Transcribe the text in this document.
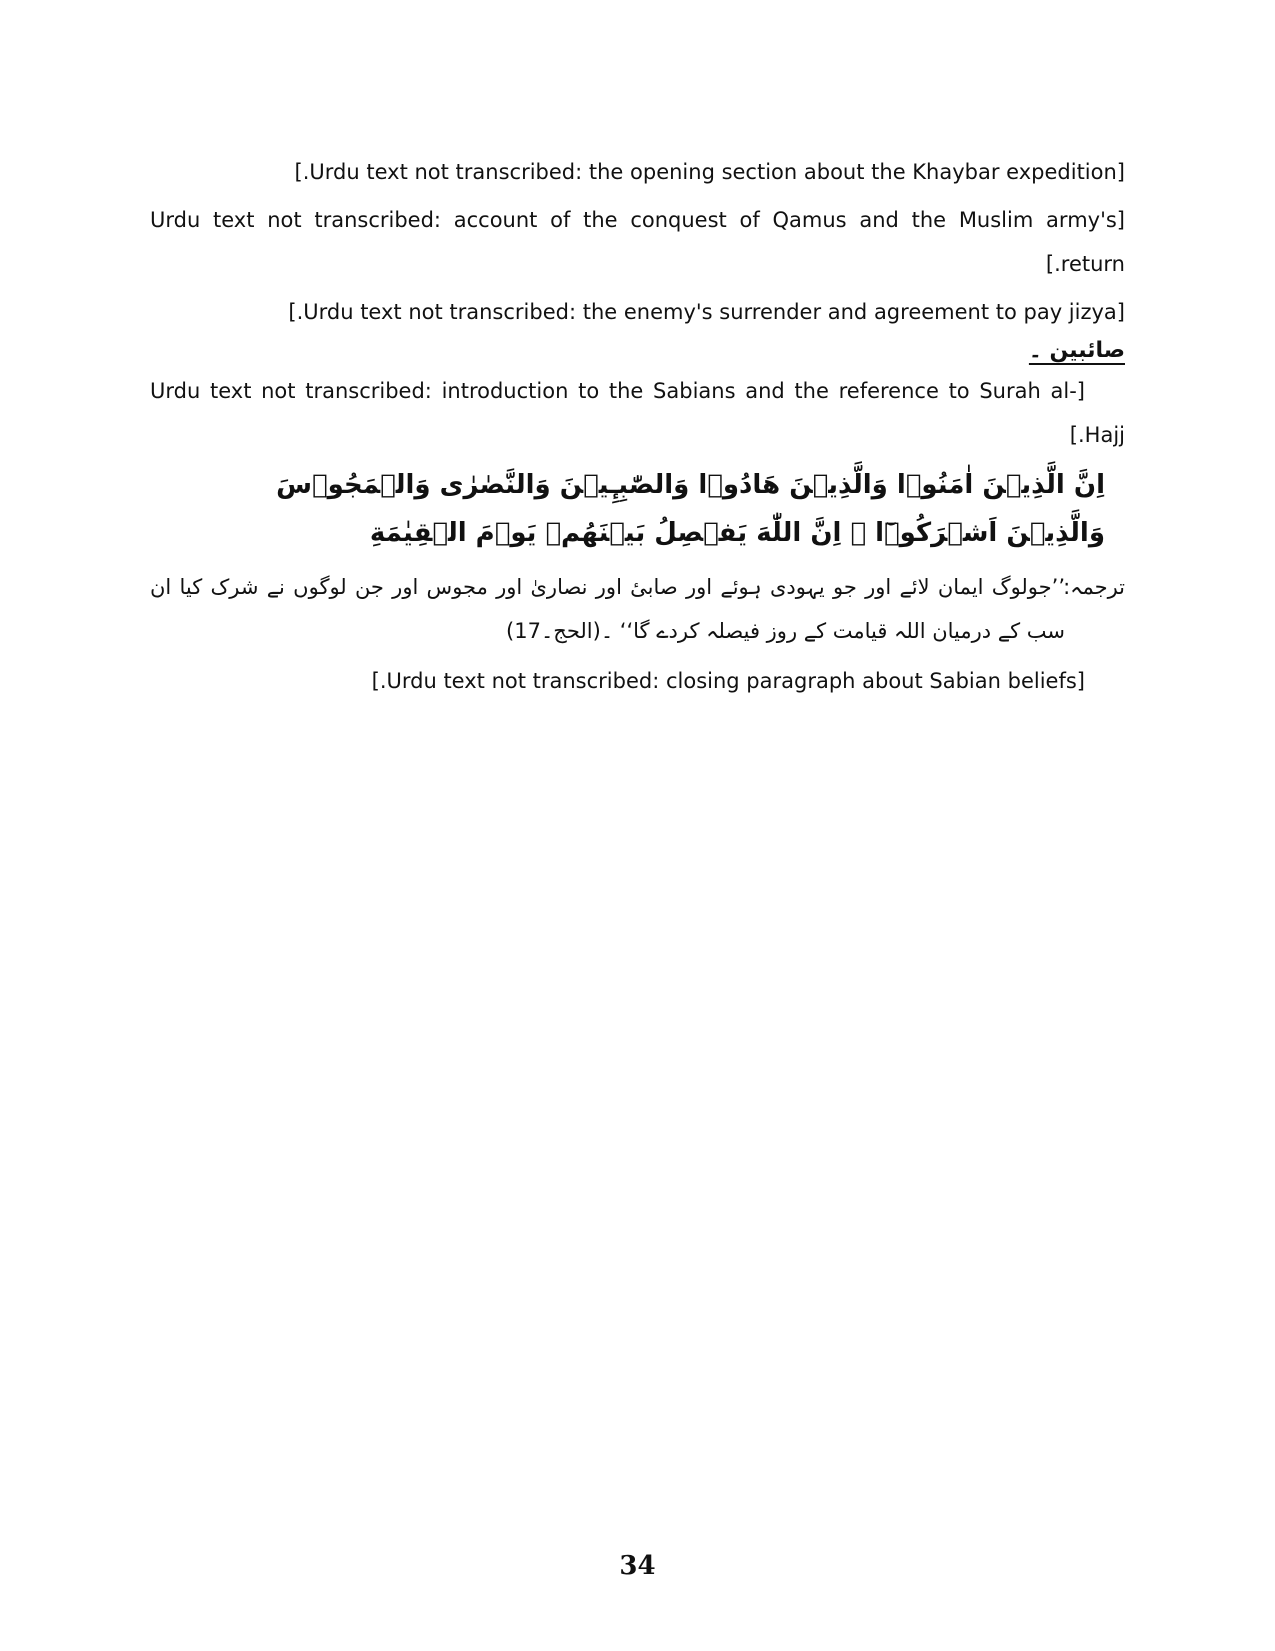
[Urdu text not transcribed: the opening section about the Khaybar expedition.]

[Urdu text not transcribed: account of the conquest of Qamus and the Muslim army's return.]

[Urdu text not transcribed: the enemy's surrender and agreement to pay jizya.]

صائبین ۔

[Urdu text not transcribed: introduction to the Sabians and the reference to Surah al-Hajj.]

اِنَّ الَّذِيۡنَ اٰمَنُوۡا وَالَّذِيۡنَ هَادُوۡا وَالصّٰبِـِٕيۡنَ وَالنَّصٰرٰى وَالۡمَجُوۡسَ وَالَّذِيۡنَ اَشۡرَكُوۡٓا ۖ اِنَّ اللّٰهَ يَفۡصِلُ بَيۡنَهُمۡ يَوۡمَ الۡقِيٰمَةِ
ترجمہ:
’’جولوگ ایمان لائے اور جو یہودی ہوئے اور صابیٔ اور نصاریٰ اور مجوس اور جن لوگوں نے شرک کیا ان سب کے درمیان اللہ قیامت کے روز فیصلہ کردے گا‘‘ ۔(الحج۔17)

[Urdu text not transcribed: closing paragraph about Sabian beliefs.]

34
